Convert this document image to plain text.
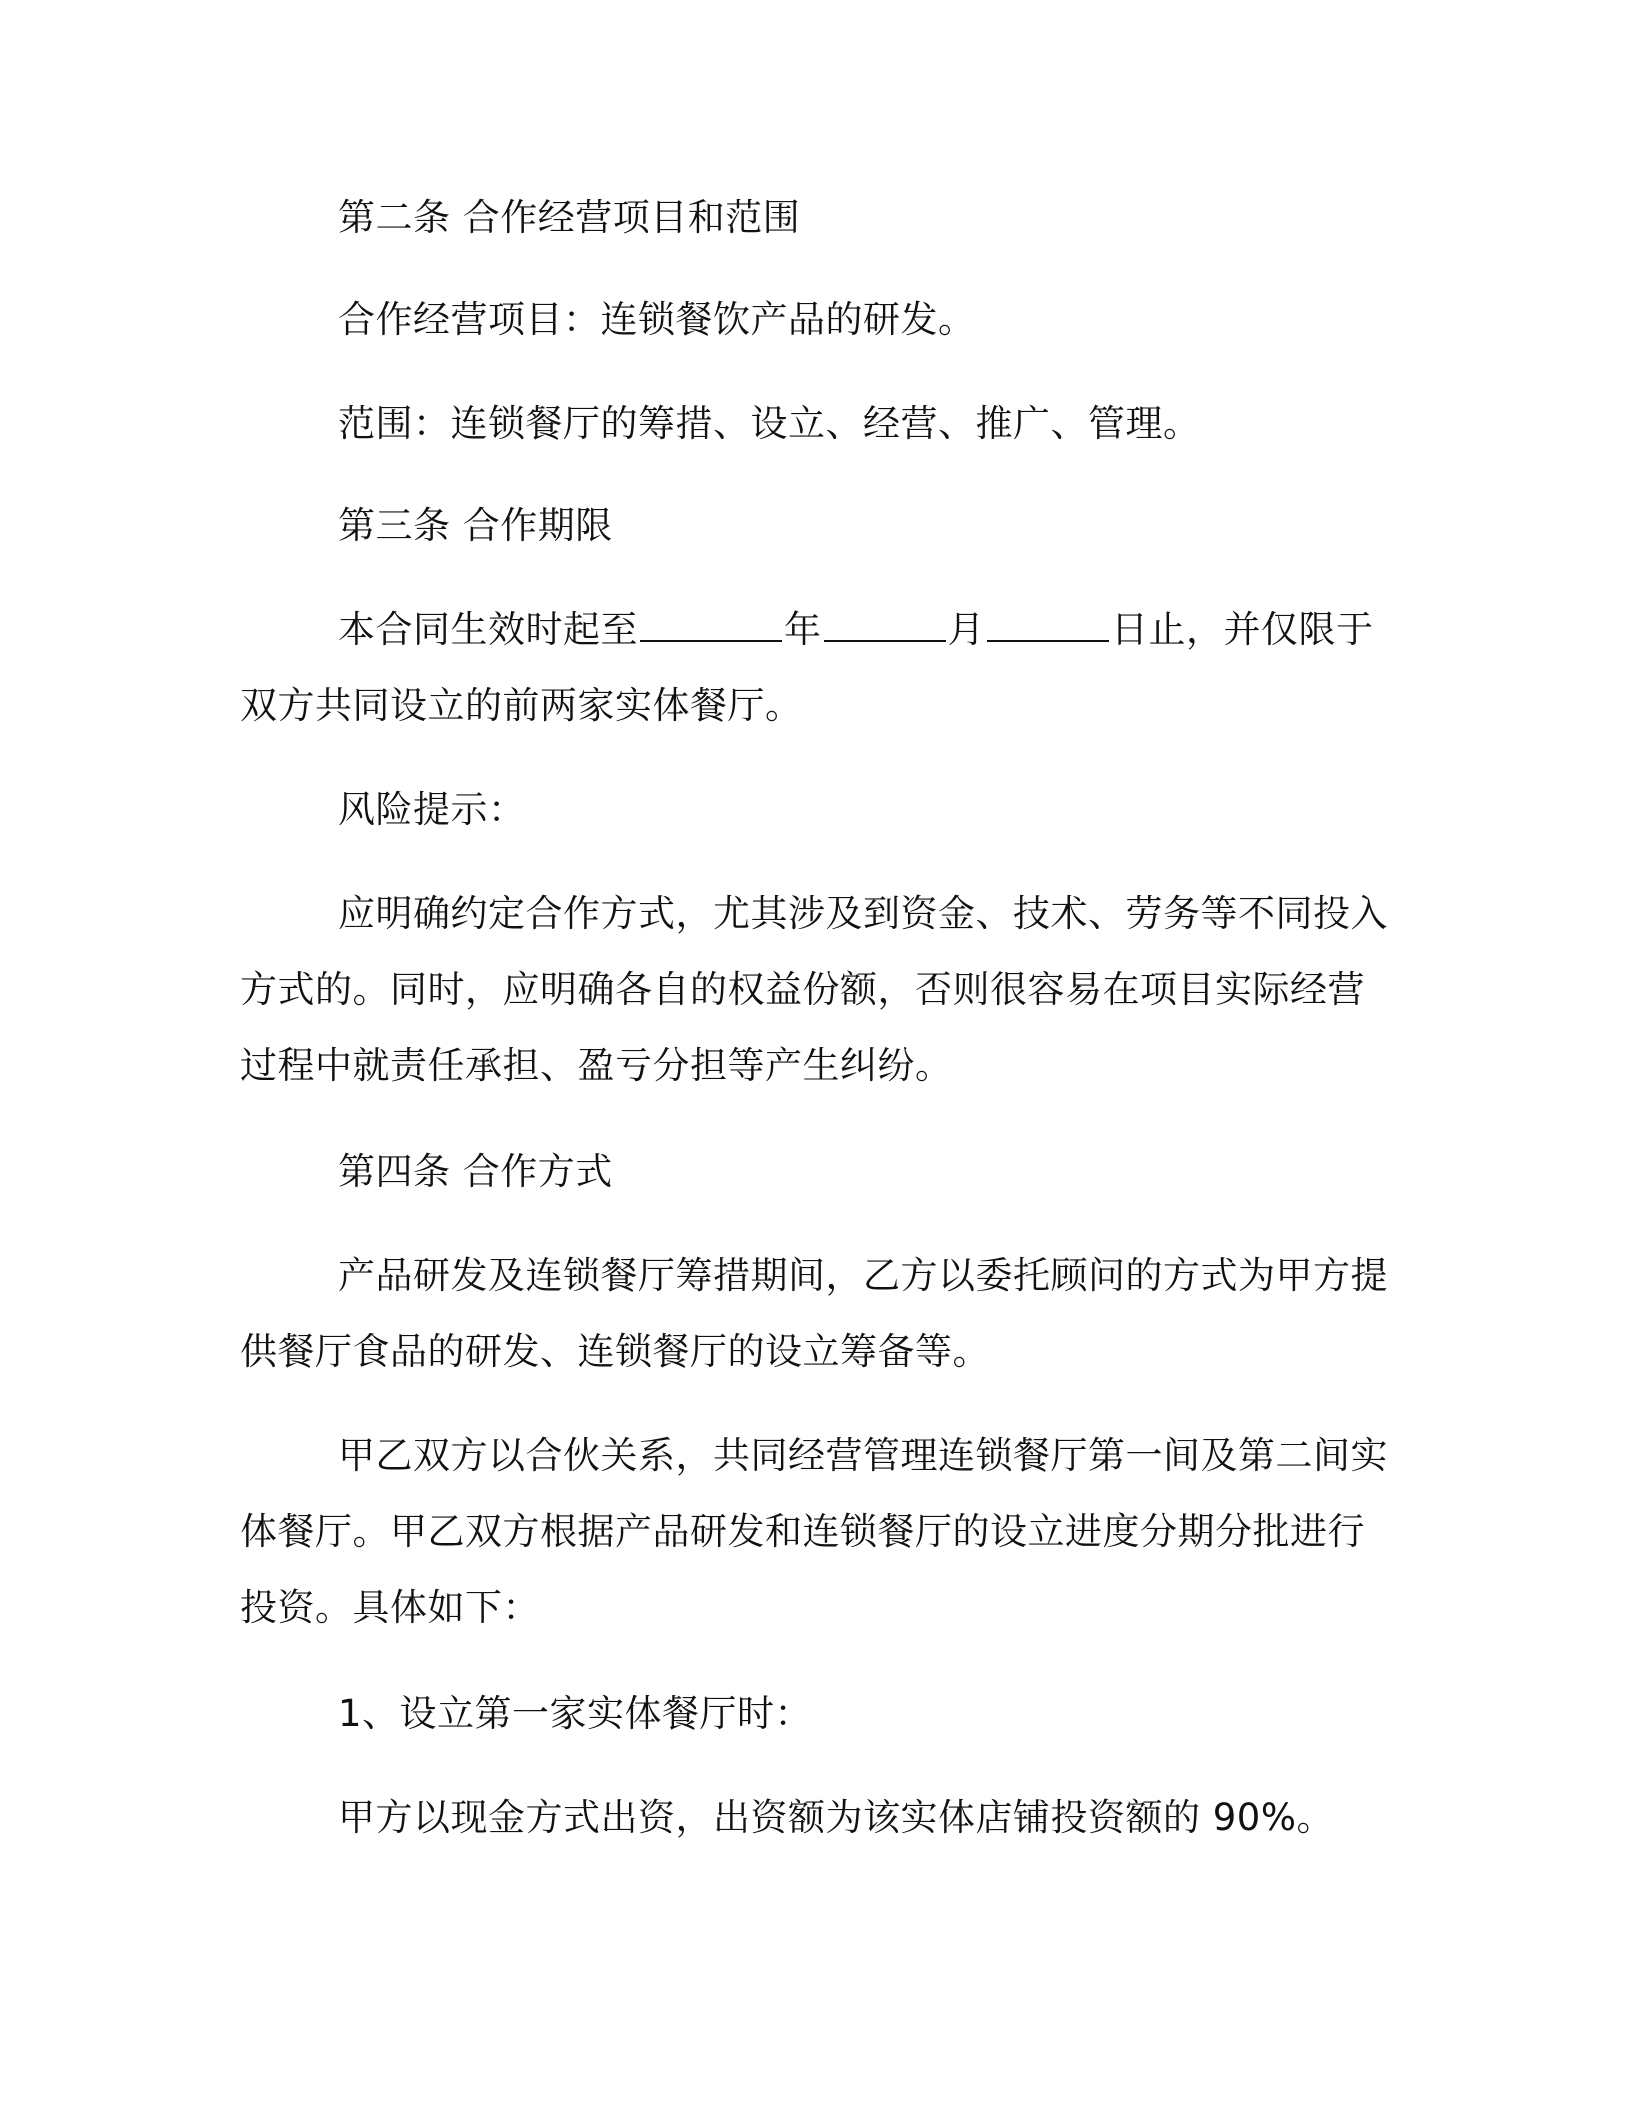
第二条 合作经营项目和范围

合作经营项目：连锁餐饮产品的研发。

范围：连锁餐厅的筹措、设立、经营、推广、管理。

第三条 合作期限

本合同生效时起至	年	月	日止，并仅限于
双方共同设立的前两家实体餐厅。

风险提示：

应明确约定合作方式，尤其涉及到资金、技术、劳务等不同投入
方式的。同时，应明确各自的权益份额，否则很容易在项目实际经营
过程中就责任承担、盈亏分担等产生纠纷。

第四条 合作方式

产品研发及连锁餐厅筹措期间，乙方以委托顾问的方式为甲方提
供餐厅食品的研发、连锁餐厅的设立筹备等。

甲乙双方以合伙关系，共同经营管理连锁餐厅第一间及第二间实
体餐厅。甲乙双方根据产品研发和连锁餐厅的设立进度分期分批进行
投资。具体如下：

1、设立第一家实体餐厅时：

甲方以现金方式出资，出资额为该实体店铺投资额的 90%。
